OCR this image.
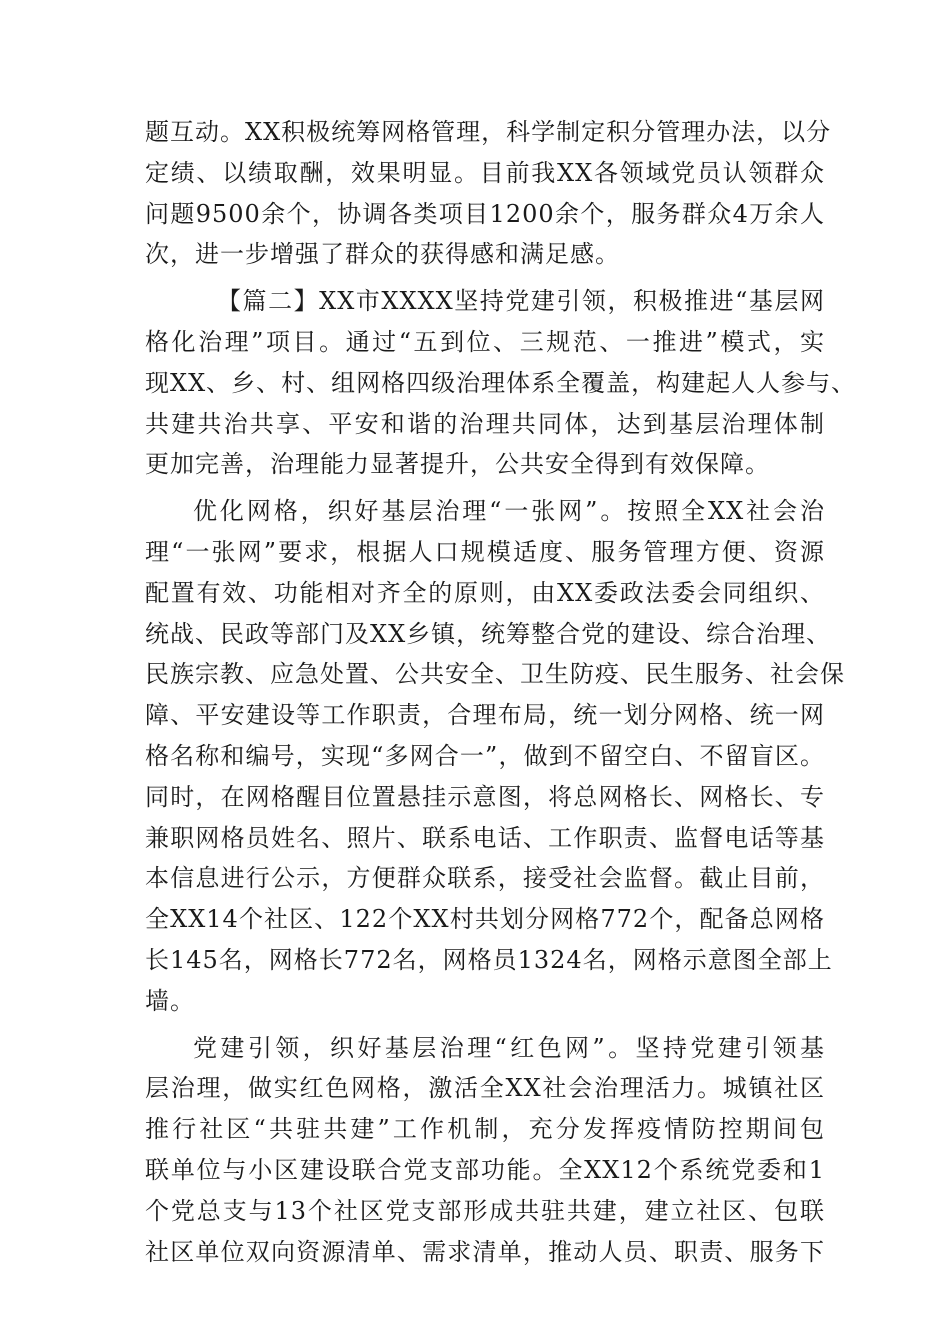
题互动。XX积极统筹网格管理，科学制定积分管理办法，以分
定绩、以绩取酬，效果明显。目前我XX各领域党员认领群众
问题9500余个，协调各类项目1200余个，服务群众4万余人
次，进一步增强了群众的获得感和满足感。
【篇二】XX市XXXX坚持党建引领，积极推进“基层网
格化治理”项目。通过“五到位、三规范、一推进”模式，实
现XX、乡、村、组网格四级治理体系全覆盖，构建起人人参与、
共建共治共享、平安和谐的治理共同体，达到基层治理体制
更加完善，治理能力显著提升，公共安全得到有效保障。
优化网格，织好基层治理“一张网”。按照全XX社会治
理“一张网”要求，根据人口规模适度、服务管理方便、资源
配置有效、功能相对齐全的原则，由XX委政法委会同组织、
统战、民政等部门及XX乡镇，统筹整合党的建设、综合治理、
民族宗教、应急处置、公共安全、卫生防疫、民生服务、社会保
障、平安建设等工作职责，合理布局，统一划分网格、统一网
格名称和编号，实现“多网合一”，做到不留空白、不留盲区。
同时，在网格醒目位置悬挂示意图，将总网格长、网格长、专
兼职网格员姓名、照片、联系电话、工作职责、监督电话等基
本信息进行公示，方便群众联系，接受社会监督。截止目前，
全XX14个社区、122个XX村共划分网格772个，配备总网格
长145名，网格长772名，网格员1324名，网格示意图全部上
墙。
党建引领，织好基层治理“红色网”。坚持党建引领基
层治理，做实红色网格，激活全XX社会治理活力。城镇社区
推行社区“共驻共建”工作机制，充分发挥疫情防控期间包
联单位与小区建设联合党支部功能。全XX12个系统党委和1
个党总支与13个社区党支部形成共驻共建，建立社区、包联
社区单位双向资源清单、需求清单，推动人员、职责、服务下
